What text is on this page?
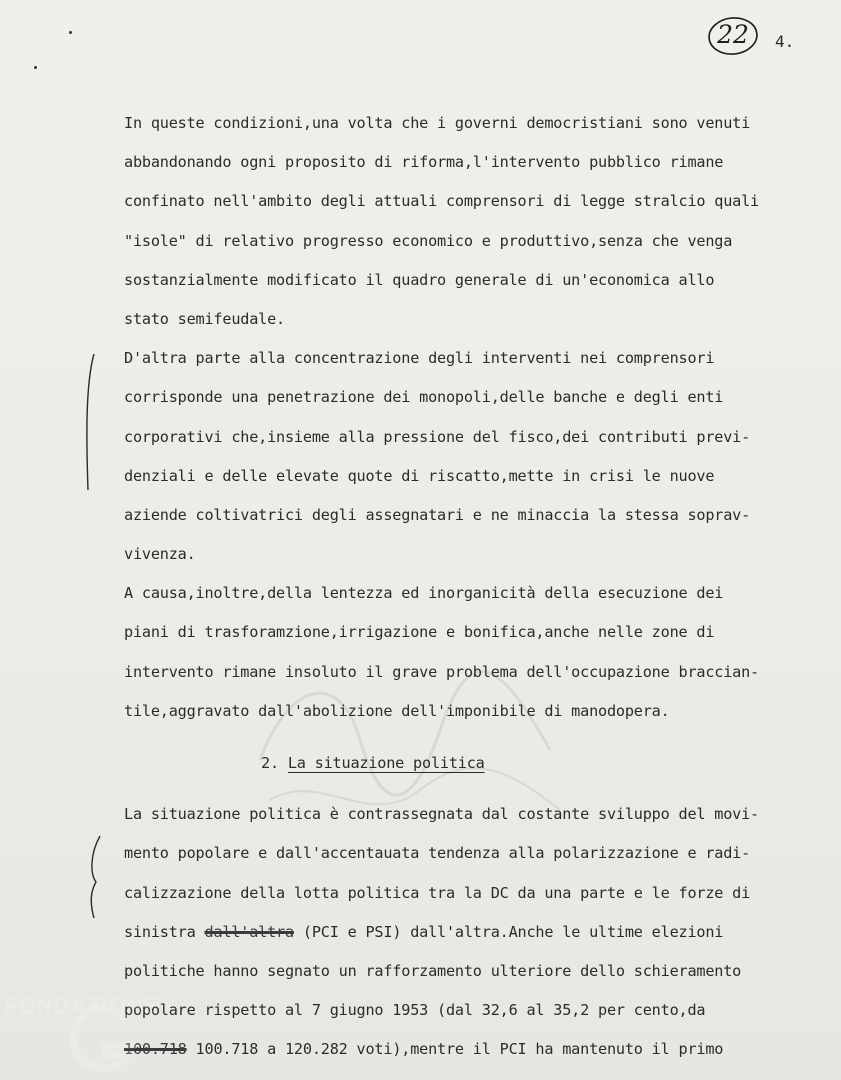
22	4.
In queste condizioni,una volta che i governi democristiani sono venuti
abbandonando ogni proposito di riforma,l'intervento pubblico rimane
confinato nell'ambito degli attuali comprensori di legge stralcio quali
"isole" di relativo progresso economico e produttivo,senza che venga
sostanzialmente modificato il quadro generale di un'economica allo
stato semifeudale.
D'altra parte alla concentrazione degli interventi nei comprensori
corrisponde una penetrazione dei monopoli,delle banche e degli enti
corporativi che,insieme alla pressione del fisco,dei contributi previ-
denziali e delle elevate quote di riscatto,mette in crisi le nuove
aziende coltivatrici degli assegnatari e ne minaccia la stessa soprav-
vivenza.
A causa,inoltre,della lentezza ed inorganicità della esecuzione dei
piani di trasforamzione,irrigazione e bonifica,anche nelle zone di
intervento rimane insoluto il grave problema dell'occupazione braccian-
tile,aggravato dall'abolizione dell'imponibile di manodopera.
2. La situazione politica
La situazione politica è contrassegnata dal costante sviluppo del movi-
mento popolare e dall'accentauata tendenza alla polarizzazione e radi-
calizzazione della lotta politica tra la DC da una parte e le forze di
sinistra dall'altra (PCI e PSI) dall'altra.Anche le ultime elezioni
politiche hanno segnato un rafforzamento ulteriore dello schieramento
popolare rispetto al 7 giugno 1953 (dal 32,6 al 35,2 per cento,da
100.718 100.718 a 120.282 voti),mentre il PCI ha mantenuto il primo
FONDAZIONE
